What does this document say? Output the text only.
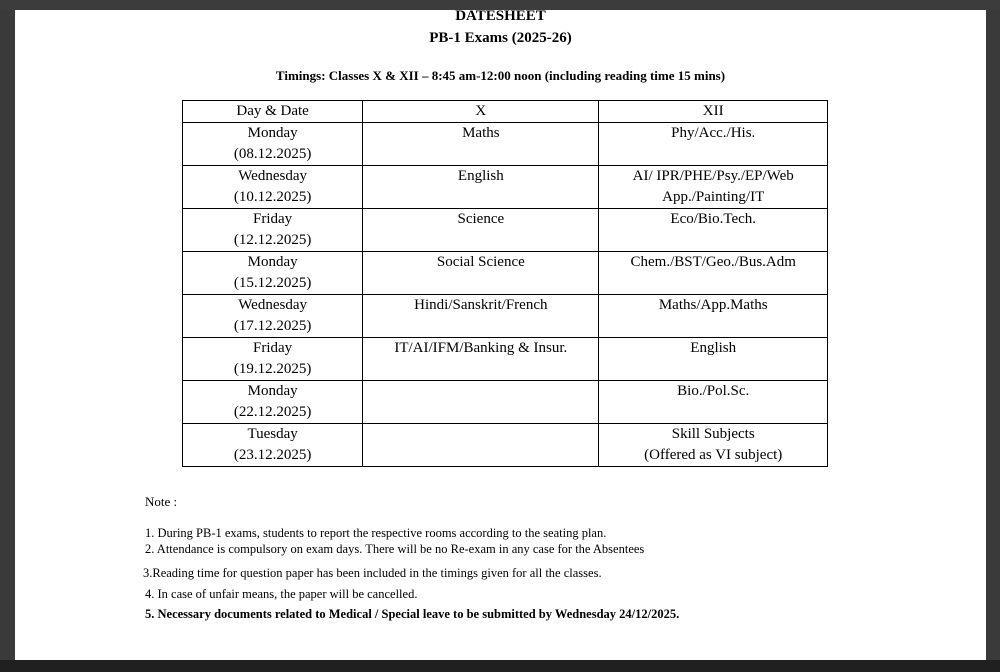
DATESHEET
PB-1 Exams (2025-26)
Timings: Classes X & XII – 8:45 am-12:00 noon (including reading time 15 mins)
Day & Date	X	XII

Monday
(08.12.2025)	Maths	Phy/Acc./His.

Wednesday
(10.12.2025)	English	AI/ IPR/PHE/Psy./EP/Web
App./Painting/IT

Friday
(12.12.2025)	Science	Eco/Bio.Tech.

Monday
(15.12.2025)	Social Science	Chem./BST/Geo./Bus.Adm

Wednesday
(17.12.2025)	Hindi/Sanskrit/French	Maths/App.Maths

Friday
(19.12.2025)	IT/AI/IFM/Banking & Insur.	English

Monday
(22.12.2025)		Bio./Pol.Sc.

Tuesday
(23.12.2025)		Skill Subjects
(Offered as VI subject)
Note :
1. During PB-1 exams, students to report the respective rooms according to the seating plan.
2. Attendance is compulsory on exam days. There will be no Re-exam in any case for the Absentees
3.Reading time for question paper has been included in the timings given for all the classes.
4. In case of unfair means, the paper will be cancelled.
5. Necessary documents related to Medical / Special leave to be submitted by Wednesday 24/12/2025.
